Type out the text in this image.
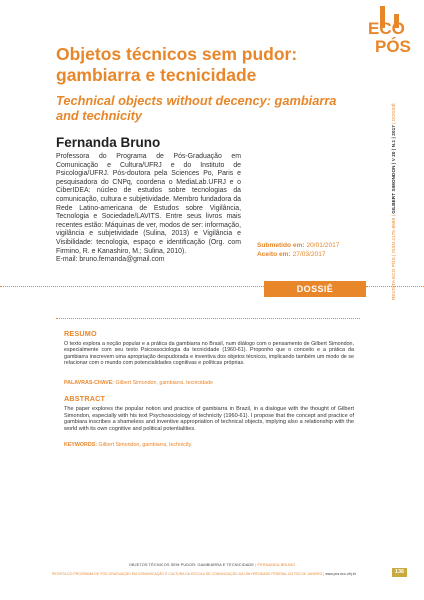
ECO
PÓS
REVISTA ECO PÓS | ISSN 2175-8689 | GILBERT SIMONDON | V 20 | N.1 | 2017 | DOSSIÊ
Objetos técnicos sem pudor: gambiarra e tecnicidade
Technical objects without decency: gambiarra and technicity
Fernanda Bruno

Professora do Programa de Pós-Graduação em Comunicação e Cultura/UFRJ e do Instituto de Psicologia/UFRJ. Pós-doutora pela Sciences Po, Paris e pesquisadora do CNPq, coordena o MediaLab.UFRJ e o CiberIDEA: núcleo de estudos sobre tecnologias da comunicação, cultura e subjetividade. Membro fundadora da Rede Latino-americana de Estudos sobre Vigilância, Tecnologia e Sociedade/LAVITS. Entre seus livros mais recentes estão: Máquinas de ver, modos de ser: informação, vigilância e subjetividade (Sulina, 2013) e Vigilância e Visibilidade: tecnologia, espaço e identificação (Org. com Firmino, R. e Kanashiro, M.; Sulina, 2010).

E-mail: bruno.fernanda@gmail.com

Submetido em: 20/01/2017
Aceito em: 27/03/2017
DOSSIÊ
RESUMO

O texto explora a noção popular e a prática da gambiarra no Brasil, num diálogo com o pensamento de Gilbert Simondon, especialmente com seu texto Psicossociologia da tecnicidade (1960-61). Proponho que o conceito e a prática da gambiarra inscrevem uma apropriação despudorada e inventiva dos objetos técnicos, implicando também um modo de se relacionar com o mundo com potencialidades cognitivas e políticas próprias.

PALAVRAS-CHAVE: Gilbert Simondon, gambiarra, tecnicidade
ABSTRACT

The paper explores the popular notion and practice of gambiarra in Brazil, in a dialogue with the thought of Gilbert Simondon, especially with his text Psychosociology of technicity (1960-61). I propose that the concept and practice of gambiara inscribes a shameless and inventive appropriation of technical objects, implying also a relationship with the world with its own cognitive and political potentialities.

KEYWORDS: Gilbert Simondon, gambiarra, technicity.
OBJETOS TÉCNICOS SEM PUDOR: GAMBIARRA E TECNICIDADE | FERNANDA BRUNO
REVISTA DO PROGRAMA DE PÓS-GRADUAÇÃO EM COMUNICAÇÃO E CULTURA DA ESCOLA DE COMUNICAÇÃO DA UNIVERSIDADE FEDERAL DO RIO DE JANEIRO | www.pos.eco.ufrj.br	136
